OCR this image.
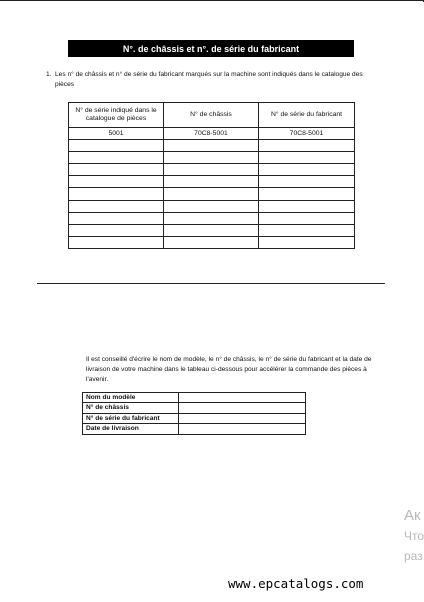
N°. de châssis et n°. de série du fabricant
1. Les n° de châssis et n° de série du fabricant marqués sur la machine sont indiqués dans le catalogue des pièces
N° de série indiqué dans le catalogue de pièces	N° de châssis	N° de série du fabricant
5001	70C8-5001	70C8-5001

Il est conseillé d'écrire le nom de modèle, le n° de châssis, le n° de série du fabricant et la date de livraison de votre machine dans le tableau ci-dessous pour accélérer la commande des pièces à l'avenir.
Nom du modèle	
N° de châssis	
N° de série du fabricant	
Date de livraison	
Ак
Что
раз
www.epcatalogs.com
